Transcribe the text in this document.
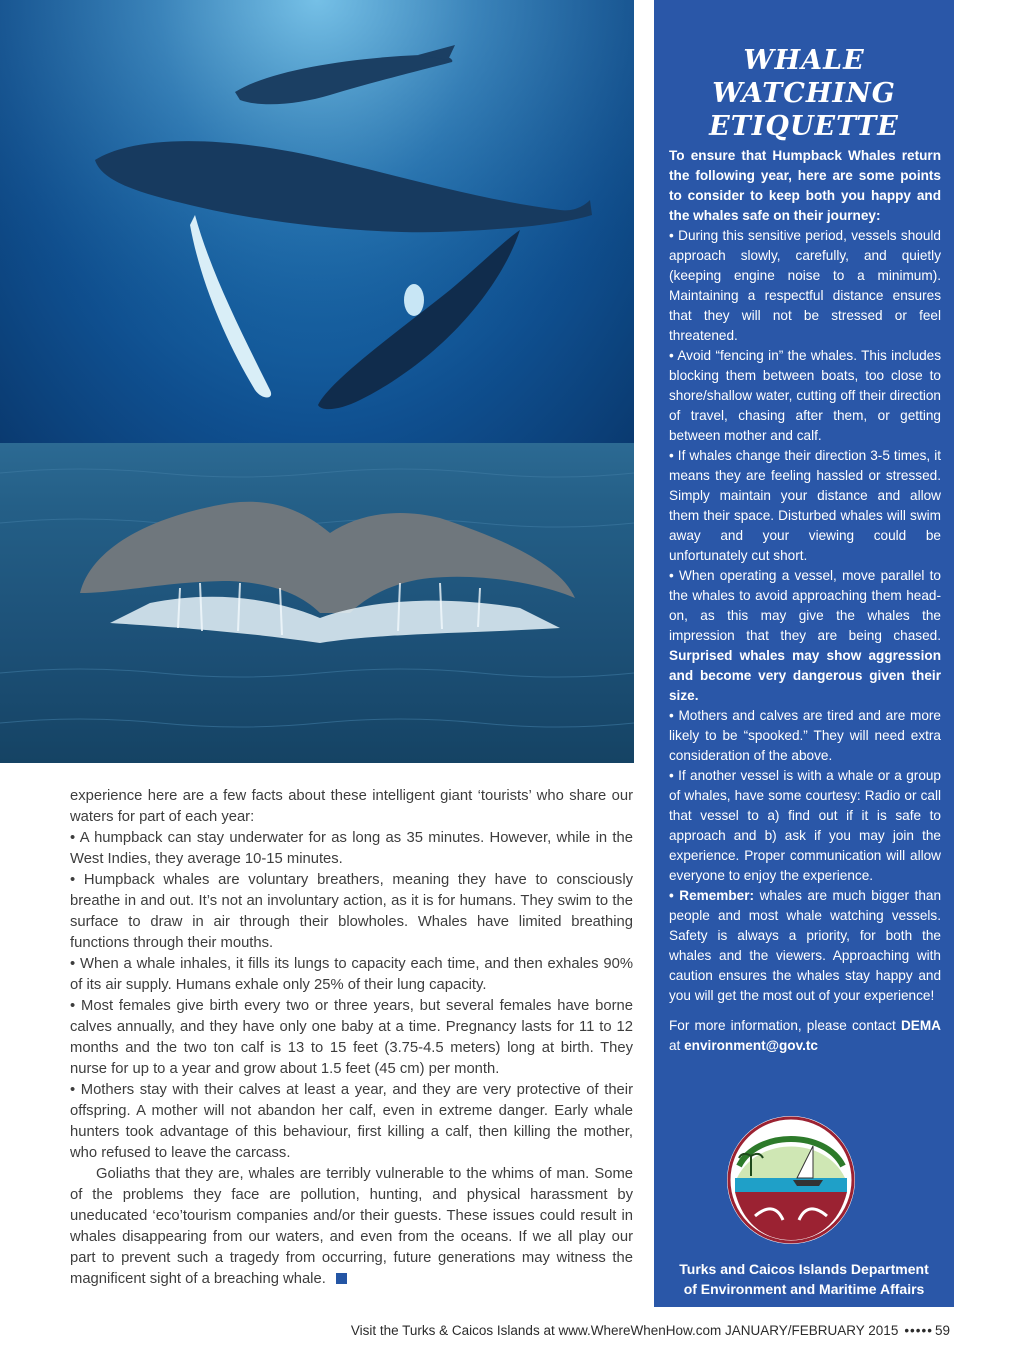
experience here are a few facts about these intelligent giant ‘tourists’ who share our waters for part of each year:

• A humpback can stay underwater for as long as 35 minutes. However, while in the West Indies, they average 10-15 minutes.

• Humpback whales are voluntary breathers, meaning they have to consciously breathe in and out. It’s not an involuntary action, as it is for humans. They swim to the surface to draw in air through their blowholes. Whales have limited breathing functions through their mouths.

• When a whale inhales, it fills its lungs to capacity each time, and then exhales 90% of its air supply. Humans exhale only 25% of their lung capacity.

• Most females give birth every two or three years, but several females have borne calves annually, and they have only one baby at a time. Pregnancy lasts for 11 to 12 months and the two ton calf is 13 to 15 feet (3.75-4.5 meters) long at birth. They nurse for up to a year and grow about 1.5 feet (45 cm) per month.

• Mothers stay with their calves at least a year, and they are very protective of their offspring. A mother will not abandon her calf, even in extreme danger. Early whale hunters took advantage of this behaviour, first killing a calf, then killing the mother, who refused to leave the carcass.

Goliaths that they are, whales are terribly vulnerable to the whims of man. Some of the problems they face are pollution, hunting, and physical harassment by uneducated ‘eco’tourism companies and/or their guests. These issues could result in whales disappearing from our waters, and even from the oceans. If we all play our part to prevent such a tragedy from occurring, future generations may witness the magnificent sight of a breaching whale.

WHALE
WATCHING
ETIQUETTE

To ensure that Humpback Whales return the following year, here are some points to consider to keep both you happy and the whales safe on their journey:

• During this sensitive period, vessels should approach slowly, carefully, and quietly (keeping engine noise to a minimum). Maintaining a respectful distance ensures that they will not be stressed or feel threatened.

• Avoid “fencing in” the whales. This includes blocking them between boats, too close to shore/shallow water, cutting off their direction of travel, chasing after them, or getting between mother and calf.

• If whales change their direction 3-5 times, it means they are feeling hassled or stressed. Simply maintain your distance and allow them their space. Disturbed whales will swim away and your viewing could be unfortunately cut short.

• When operating a vessel, move parallel to the whales to avoid approaching them head-on, as this may give the whales the impression that they are being chased. Surprised whales may show aggression and become very dangerous given their size.

• Mothers and calves are tired and are more likely to be “spooked.” They will need extra consideration of the above.

• If another vessel is with a whale or a group of whales, have some courtesy: Radio or call that vessel to a) find out if it is safe to approach and b) ask if you may join the experience. Proper communication will allow everyone to enjoy the experience.

• Remember: whales are much bigger than people and most whale watching vessels. Safety is always a priority, for both the whales and the viewers. Approaching with caution ensures the whales stay happy and you will get the most out of your experience!

For more information, please contact DEMA at environment@gov.tc

Turks and Caicos Islands Department
of Environment and Maritime Affairs
Visit the Turks & Caicos Islands at www.WhereWhenHow.com JANUARY/FEBRUARY 2015 ••••• 59
